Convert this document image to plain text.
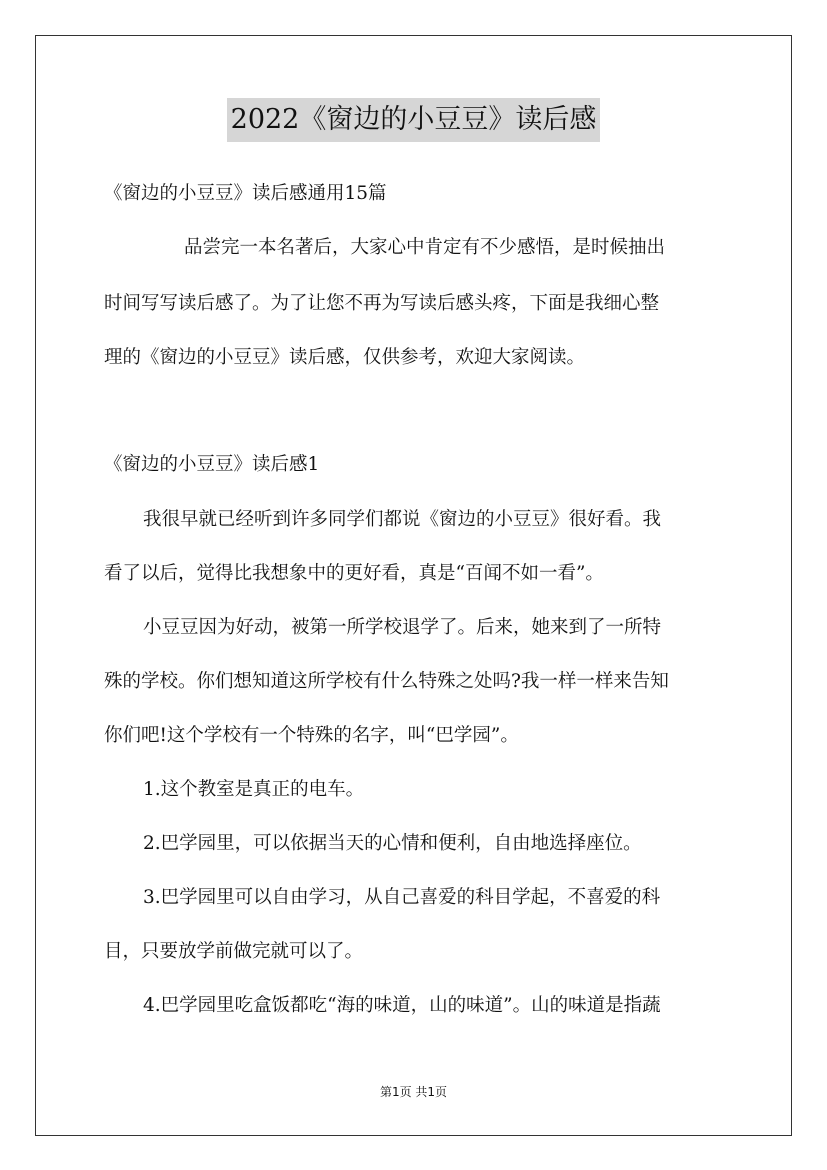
2022《窗边的小豆豆》读后感
《窗边的小豆豆》读后感通用15篇
品尝完一本名著后，大家心中肯定有不少感悟，是时候抽出
时间写写读后感了。为了让您不再为写读后感头疼，下面是我细心整
理的《窗边的小豆豆》读后感，仅供参考，欢迎大家阅读。
《窗边的小豆豆》读后感1
我很早就已经听到许多同学们都说《窗边的小豆豆》很好看。我
看了以后，觉得比我想象中的更好看，真是“百闻不如一看”。
小豆豆因为好动，被第一所学校退学了。后来，她来到了一所特
殊的学校。你们想知道这所学校有什么特殊之处吗?我一样一样来告知
你们吧!这个学校有一个特殊的名字，叫“巴学园”。
1.这个教室是真正的电车。
2.巴学园里，可以依据当天的心情和便利，自由地选择座位。
3.巴学园里可以自由学习，从自己喜爱的科目学起，不喜爱的科
目，只要放学前做完就可以了。
4.巴学园里吃盒饭都吃“海的味道，山的味道”。山的味道是指蔬
第1页 共1页
